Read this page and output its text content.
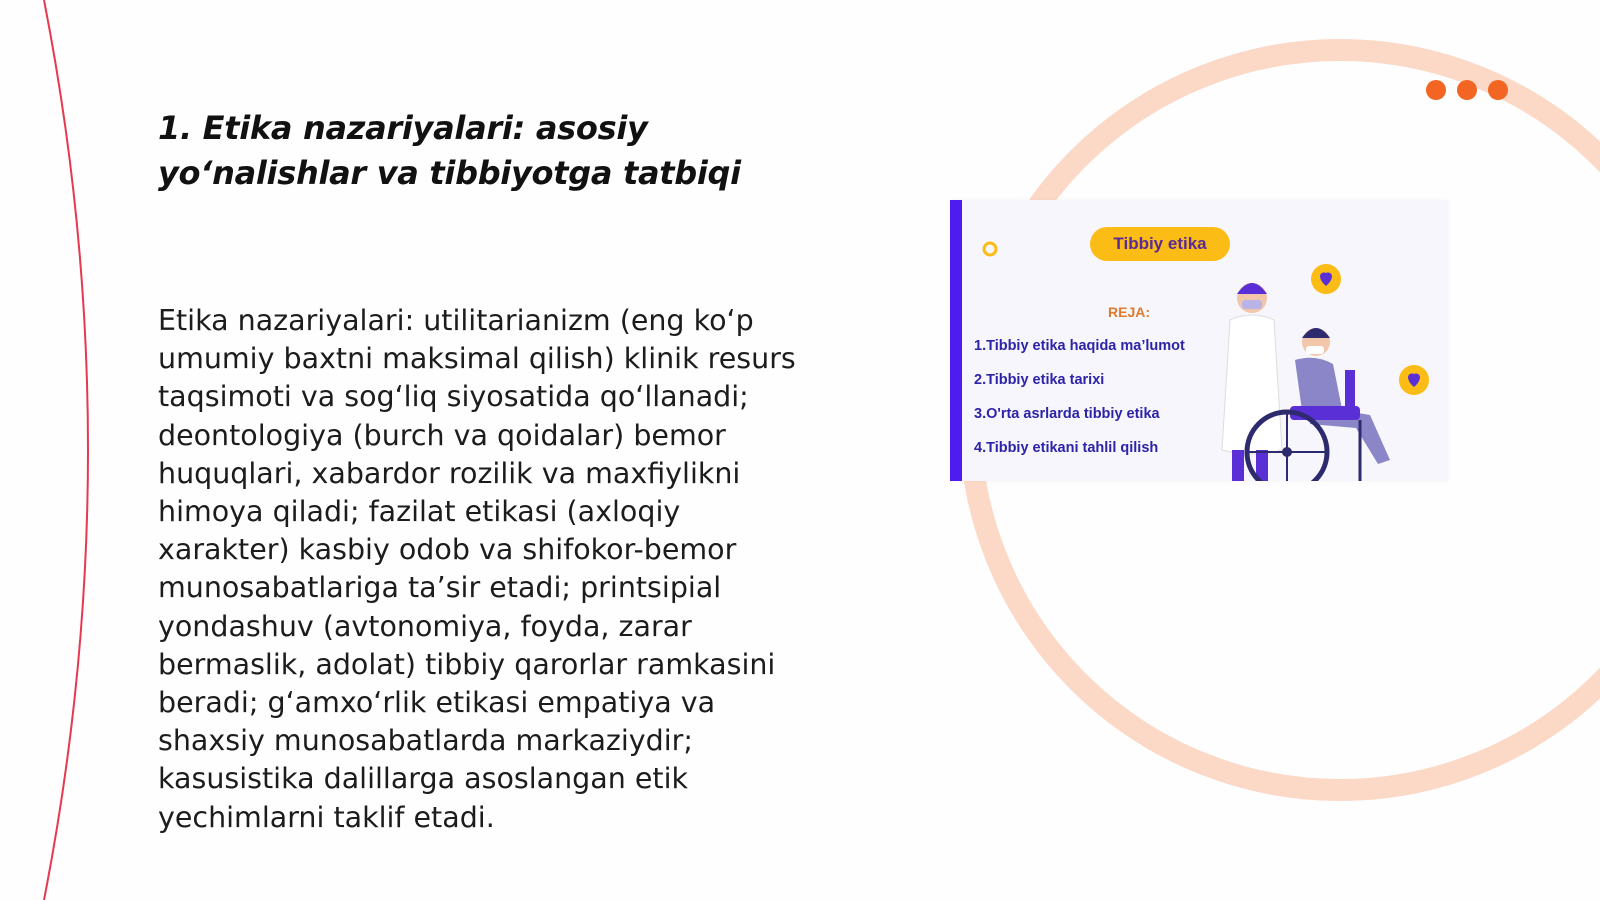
1. Etika nazariyalari: asosiy
yo‘nalishlar va tibbiyotga tatbiqi
Etika nazariyalari: utilitarianizm (eng ko‘p
umumiy baxtni maksimal qilish) klinik resurs
taqsimoti va sog‘liq siyosatida qo‘llanadi;
deontologiya (burch va qoidalar) bemor
huquqlari, xabardor rozilik va maxfiylikni
himoya qiladi; fazilat etikasi (axloqiy
xarakter) kasbiy odob va shifokor-bemor
munosabatlariga ta’sir etadi; printsipial
yondashuv (avtonomiya, foyda, zarar
bermaslik, adolat) tibbiy qarorlar ramkasini
beradi; g‘amxo‘rlik etikasi empatiya va
shaxsiy munosabatlarda markaziydir;
kasusistika dalillarga asoslangan etik
yechimlarni taklif etadi.
Tibbiy etika
REJA:
1.Tibbiy etika haqida ma’lumot
2.Tibbiy etika tarixi
3.O'rta asrlarda tibbiy etika
4.Tibbiy etikani tahlil qilish
